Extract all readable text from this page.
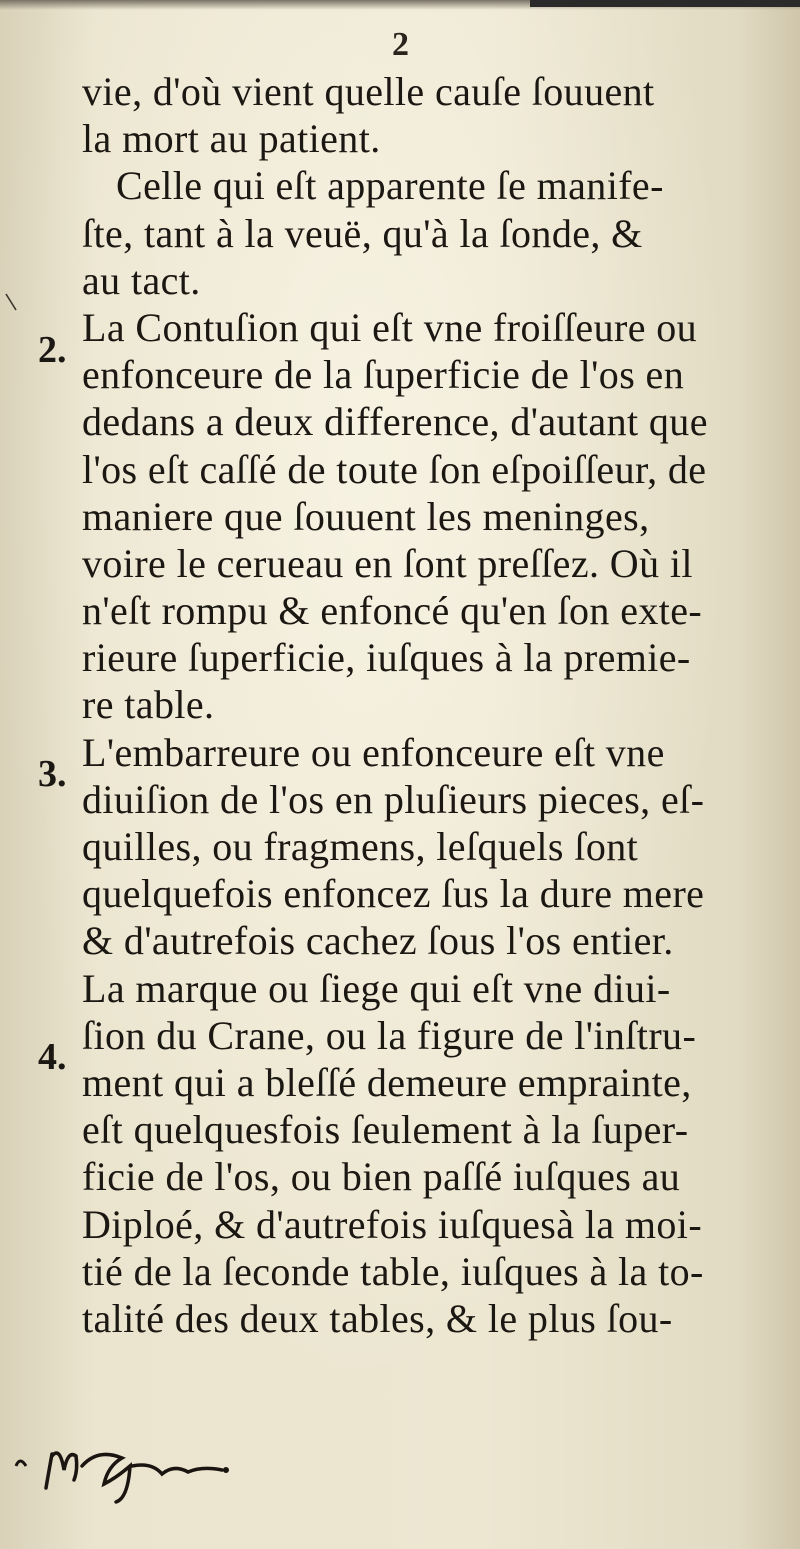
2
2.
3.
4.
vie, d'où vient quelle cauſe ſouuent
la mort au patient.
Celle qui eſt apparente ſe manife-
ſte, tant à la veuë, qu'à la ſonde, &
au tact.
La Contuſion qui eſt vne froiſſeure ou
enfonceure de la ſuperficie de l'os en
dedans a deux difference, d'autant que
l'os eſt caſſé de toute ſon eſpoiſſeur, de
maniere que ſouuent les meninges,
voire le cerueau en ſont preſſez. Où il
n'eſt rompu & enfoncé qu'en ſon exte-
rieure ſuperficie, iuſques à la premie-
re table.
L'embarreure ou enfonceure eſt vne
diuiſion de l'os en pluſieurs pieces, eſ-
quilles, ou fragmens, leſquels ſont
quelquefois enfoncez ſus la dure mere
& d'autrefois cachez ſous l'os entier.
La marque ou ſiege qui eſt vne diui-
ſion du Crane, ou la figure de l'inſtru-
ment qui a bleſſé demeure emprainte,
eſt quelquesfois ſeulement à la ſuper-
ficie de l'os, ou bien paſſé iuſques au
Diploé, & d'autrefois iuſquesà la moi-
tié de la ſeconde table, iuſques à la to-
talité des deux tables, & le plus ſou-
